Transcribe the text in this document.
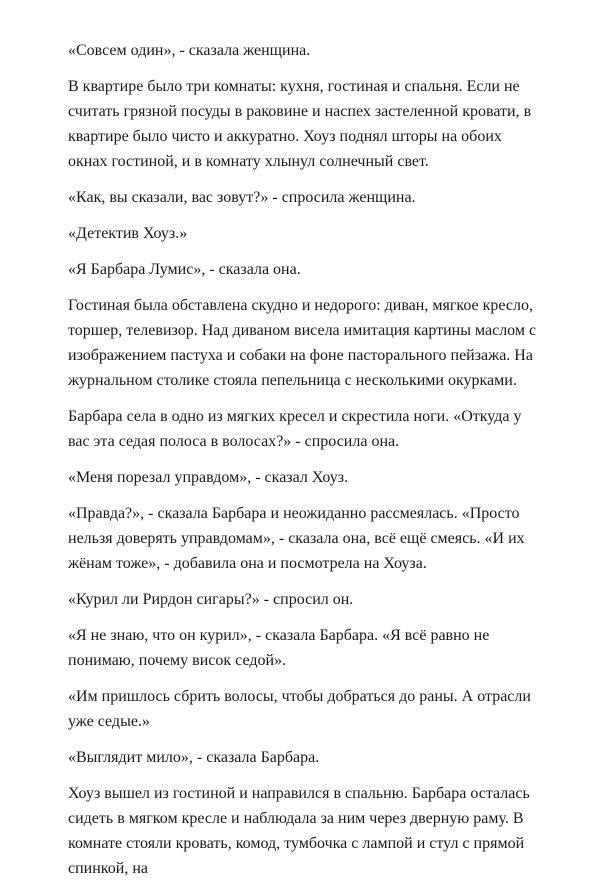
«Совсем один», - сказала женщина.

В квартире было три комнаты: кухня, гостиная и спальня. Если не считать грязной посуды в раковине и наспех застеленной кровати, в квартире было чисто и аккуратно. Хоуз поднял шторы на обоих окнах гостиной, и в комнату хлынул солнечный свет.

«Как, вы сказали, вас зовут?» - спросила женщина.

«Детектив Хоуз.»

«Я Барбара Лумис», - сказала она.

Гостиная была обставлена скудно и недорого: диван, мягкое кресло, торшер, телевизор. Над диваном висела имитация картины маслом с изображением пастуха и собаки на фоне пасторального пейзажа. На журнальном столике стояла пепельница с несколькими окурками.

Барбара села в одно из мягких кресел и скрестила ноги. «Откуда у вас эта седая полоса в волосах?» - спросила она.

«Меня порезал управдом», - сказал Хоуз.

«Правда?», - сказала Барбара и неожиданно рассмеялась. «Просто нельзя доверять управдомам», - сказала она, всё ещё смеясь. «И их жёнам тоже», - добавила она и посмотрела на Хоуза.

«Курил ли Рирдон сигары?» - спросил он.

«Я не знаю, что он курил», - сказала Барбара. «Я всё равно не понимаю, почему висок седой».

«Им пришлось сбрить волосы, чтобы добраться до раны. А отрасли уже седые.»

«Выглядит мило», - сказала Барбара.

Хоуз вышел из гостиной и направился в спальню. Барбара осталась сидеть в мягком кресле и наблюдала за ним через дверную раму. В комнате стояли кровать, комод, тумбочка с лампой и стул с прямой спинкой, на
